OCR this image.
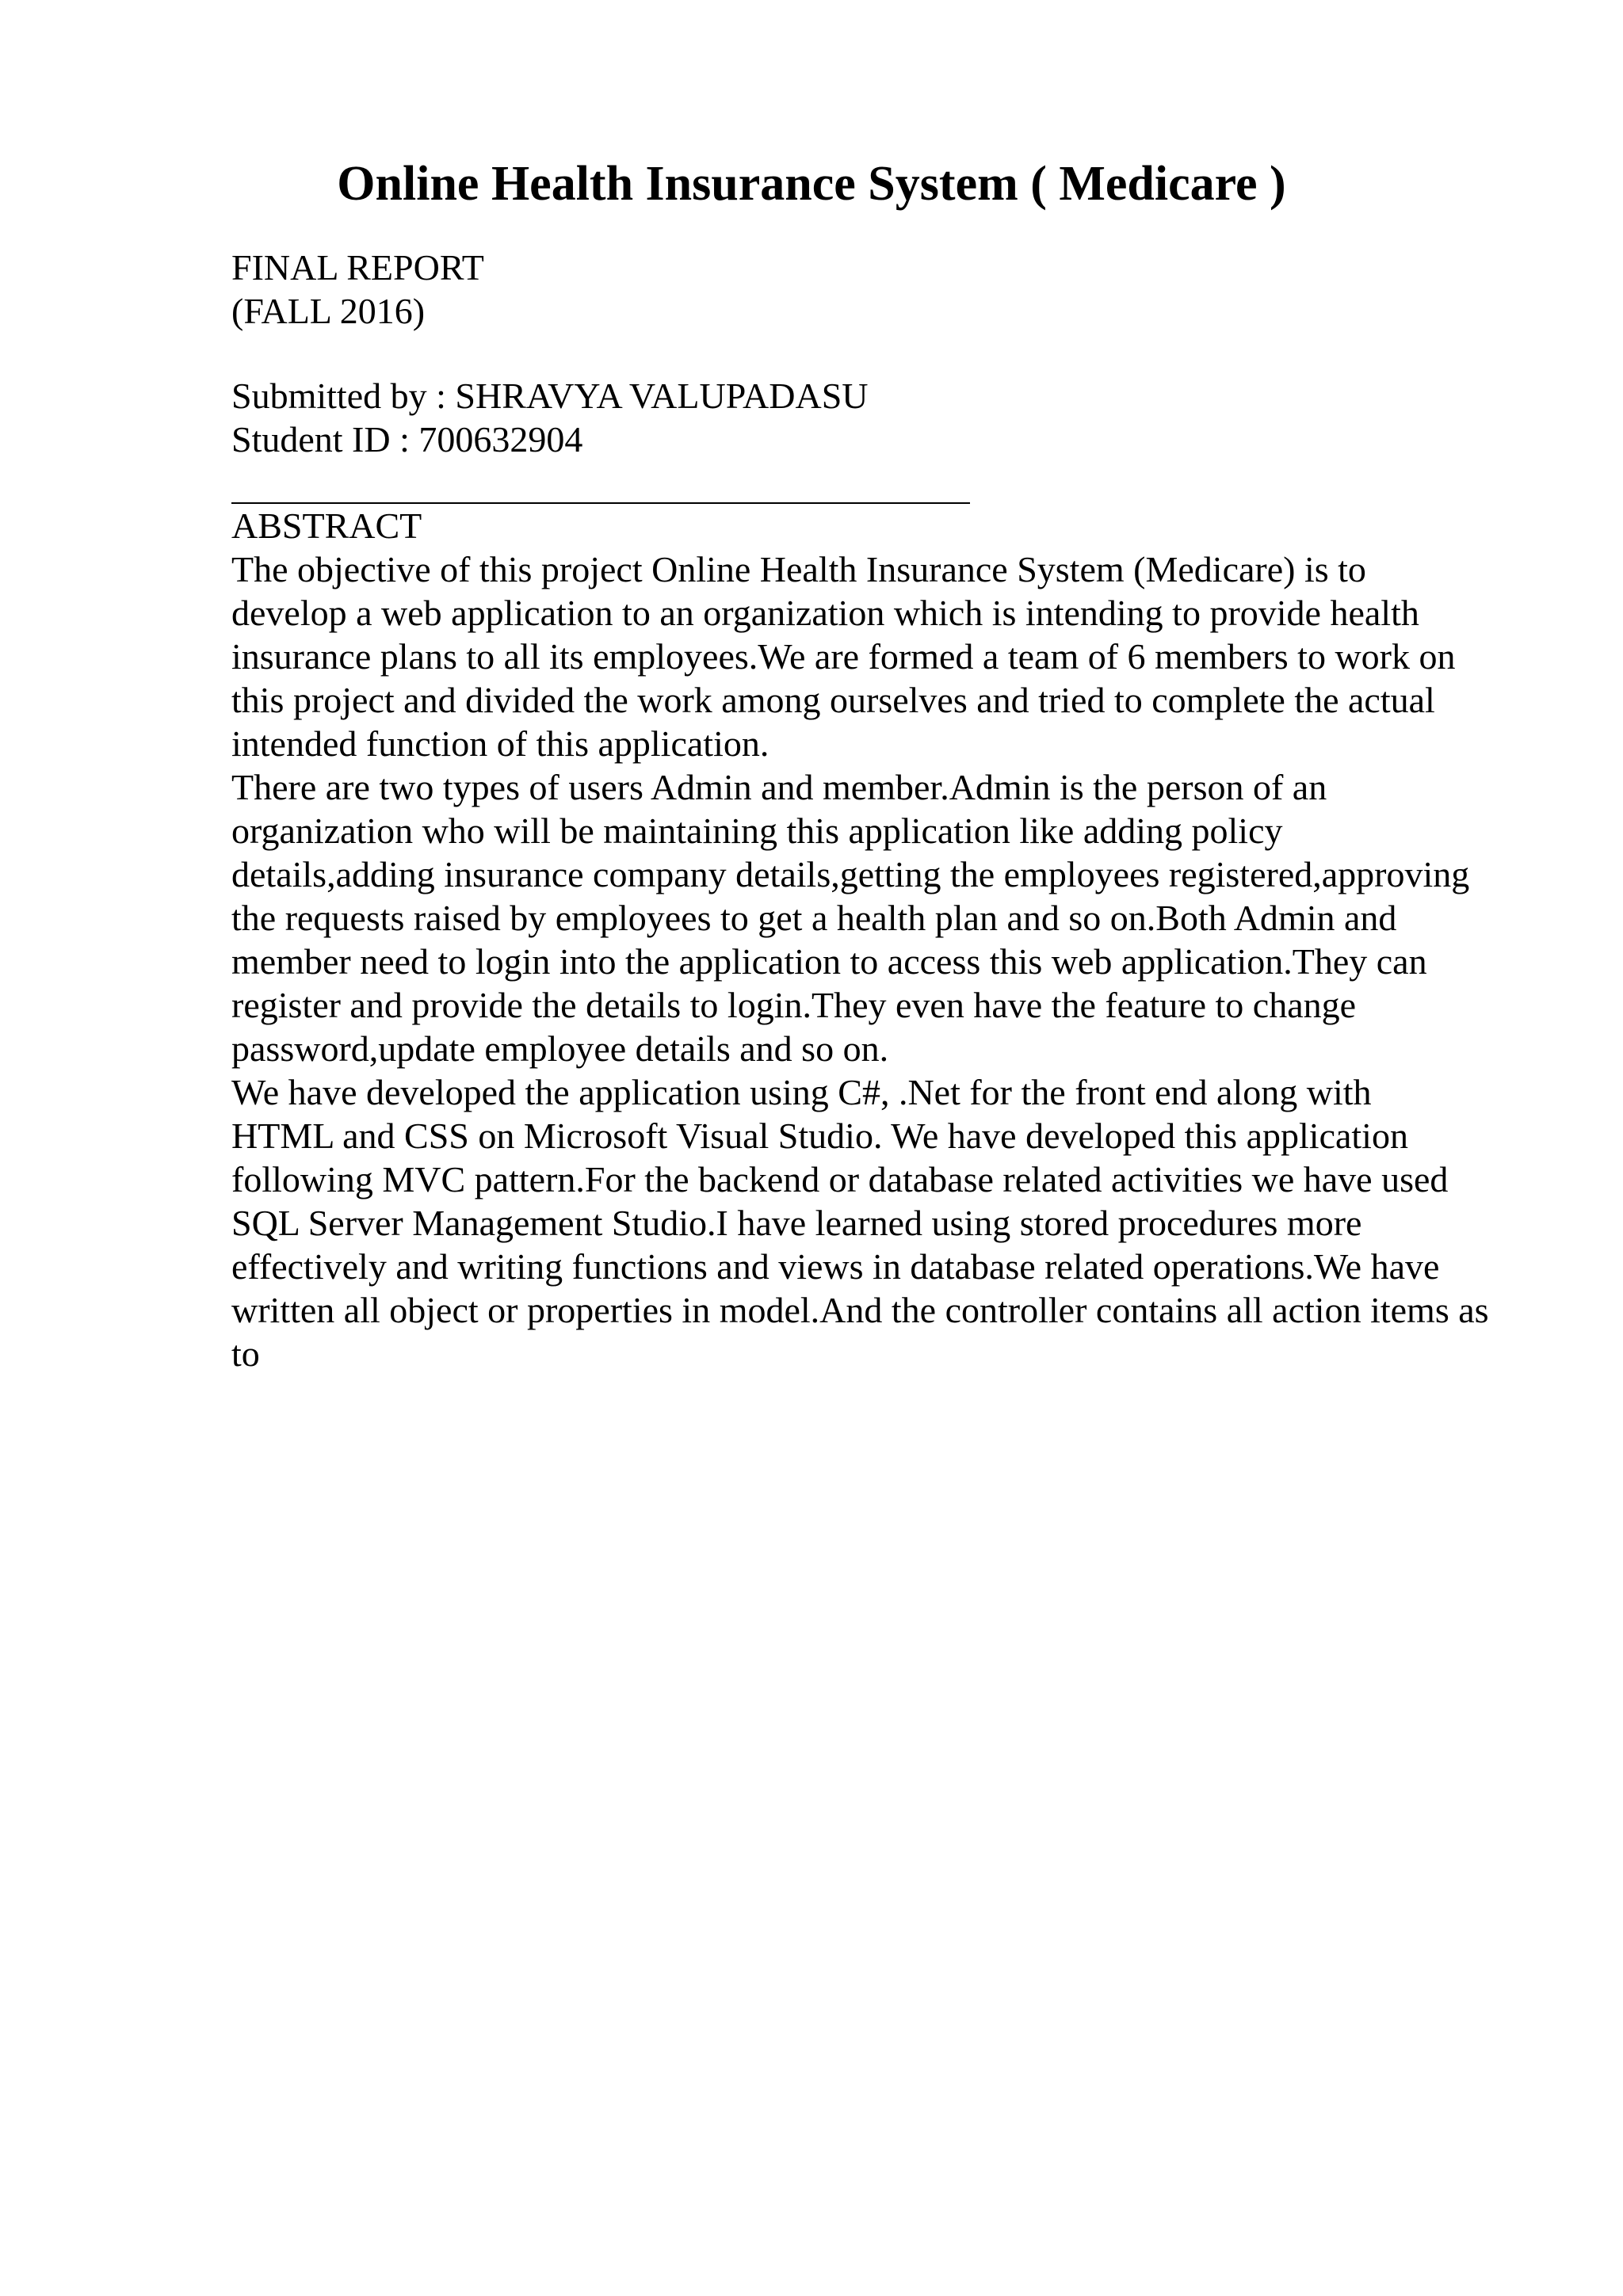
Online Health Insurance System ( Medicare )
FINAL REPORT
(FALL 2016)
Submitted by : SHRAVYA VALUPADASU
Student ID : 700632904
ABSTRACT
The objective of this project Online Health Insurance System (Medicare) is to
develop a web application to an organization which is intending to provide health
insurance plans to all its employees.We are formed a team of 6 members to work on
this project and divided the work among ourselves and tried to complete the actual
intended function of this application.
There are two types of users Admin and member.Admin is the person of an
organization who will be maintaining this application like adding policy
details,adding insurance company details,getting the employees registered,approving
the requests raised by employees to get a health plan and so on.Both Admin and
member need to login into the application to access this web application.They can
register and provide the details to login.They even have the feature to change
password,update employee details and so on.
We have developed the application using C#, .Net for the front end along with
HTML and CSS on Microsoft Visual Studio. We have developed this application
following MVC pattern.For the backend or database related activities we have used
SQL Server Management Studio.I have learned using stored procedures more
effectively and writing functions and views in database related operations.We have
written all object or properties in model.And the controller contains all action items as
to
